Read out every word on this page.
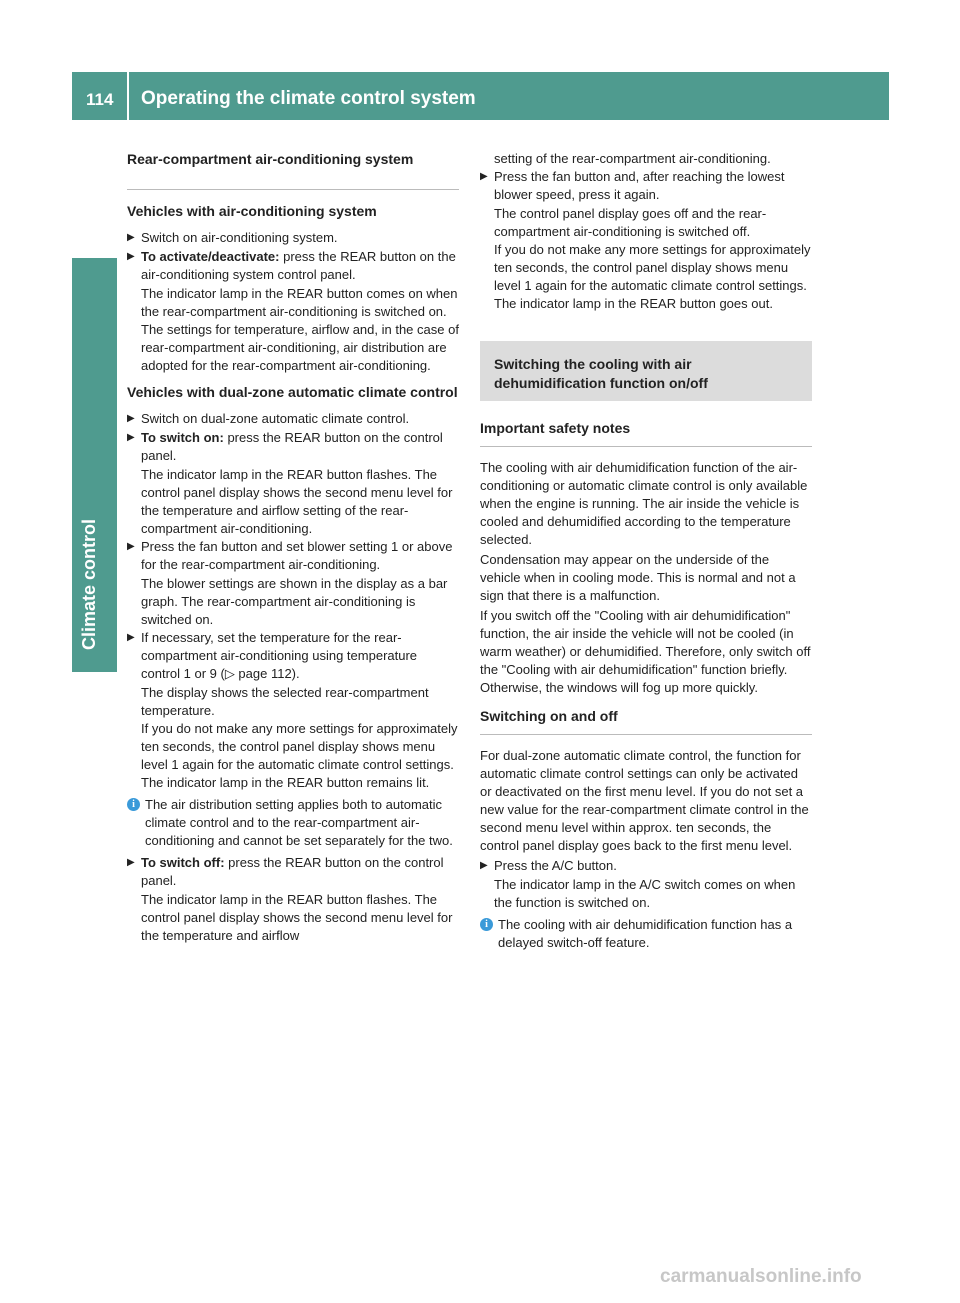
114 Operating the climate control system
Climate control
Rear-compartment air-conditioning system
Vehicles with air-conditioning system
▶ Switch on air-conditioning system.
▶ To activate/deactivate: press the REAR button on the air-conditioning system control panel.

The indicator lamp in the REAR button comes on when the rear-compartment air-conditioning is switched on. The settings for temperature, airflow and, in the case of rear-compartment air-conditioning, air distribution are adopted for the rear-compartment air-conditioning.

Vehicles with dual-zone automatic climate control
▶ Switch on dual-zone automatic climate control.
▶ To switch on: press the REAR button on the control panel.

The indicator lamp in the REAR button flashes. The control panel display shows the second menu level for the temperature and airflow setting of the rear-compartment air-conditioning.

▶ Press the fan button and set blower setting 1 or above for the rear-compartment air-conditioning.

The blower settings are shown in the display as a bar graph. The rear-compartment air-conditioning is switched on.

▶ If necessary, set the temperature for the rear-compartment air-conditioning using temperature control 1 or 9 (▷ page 112).

The display shows the selected rear-compartment temperature.

If you do not make any more settings for approximately ten seconds, the control panel display shows menu level 1 again for the automatic climate control settings. The indicator lamp in the REAR button remains lit.

i The air distribution setting applies both to automatic climate control and to the rear-compartment air-conditioning and cannot be set separately for the two.
▶ To switch off: press the REAR button on the control panel.

The indicator lamp in the REAR button flashes. The control panel display shows the second menu level for the temperature and airflow

setting of the rear-compartment air-conditioning.

▶ Press the fan button and, after reaching the lowest blower speed, press it again.

The control panel display goes off and the rear-compartment air-conditioning is switched off.

If you do not make any more settings for approximately ten seconds, the control panel display shows menu level 1 again for the automatic climate control settings. The indicator lamp in the REAR button goes out.

Switching the cooling with air dehumidification function on/off
Important safety notes

The cooling with air dehumidification function of the air-conditioning or automatic climate control is only available when the engine is running. The air inside the vehicle is cooled and dehumidified according to the temperature selected.

Condensation may appear on the underside of the vehicle when in cooling mode. This is normal and not a sign that there is a malfunction.

If you switch off the "Cooling with air dehumidification" function, the air inside the vehicle will not be cooled (in warm weather) or dehumidified. Therefore, only switch off the "Cooling with air dehumidification" function briefly. Otherwise, the windows will fog up more quickly.

Switching on and off

For dual-zone automatic climate control, the function for automatic climate control settings can only be activated or deactivated on the first menu level. If you do not set a new value for the rear-compartment climate control in the second menu level within approx. ten seconds, the control panel display goes back to the first menu level.

▶ Press the A/C button.

The indicator lamp in the A/C switch comes on when the function is switched on.

i The cooling with air dehumidification function has a delayed switch-off feature.
carmanualsonline.info
